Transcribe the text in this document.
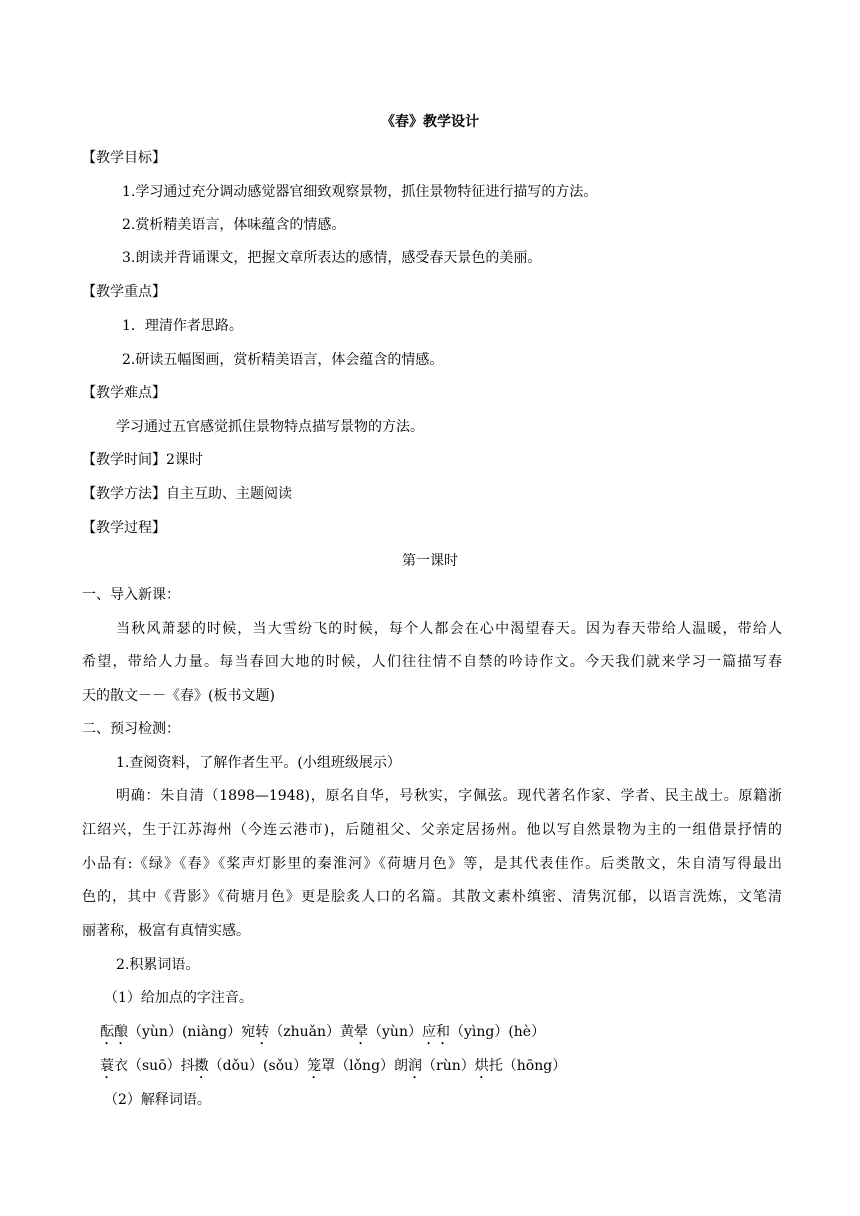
《春》教学设计
【教学目标】
1.学习通过充分调动感觉器官细致观察景物，抓住景物特征进行描写的方法。
2.赏析精美语言，体味蕴含的情感。
3.朗读并背诵课文，把握文章所表达的感情，感受春天景色的美丽。
【教学重点】
1．理清作者思路。
2.研读五幅图画，赏析精美语言，体会蕴含的情感。
【教学难点】
学习通过五官感觉抓住景物特点描写景物的方法。
【教学时间】2课时
【教学方法】自主互助、主题阅读
【教学过程】
第一课时
一、导入新课：
当秋风萧瑟的时候，当大雪纷飞的时候，每个人都会在心中渴望春天。因为春天带给人温暖，带给人
希望，带给人力量。每当春回大地的时候，人们往往情不自禁的吟诗作文。今天我们就来学习一篇描写春
天的散文－－《春》(板书文题)
二、预习检测：
1.查阅资料，了解作者生平。(小组班级展示）
明确：朱自清（1898—1948)，原名自华，号秋实，字佩弦。现代著名作家、学者、民主战士。原籍浙
江绍兴，生于江苏海州（今连云港市)，后随祖父、父亲定居扬州。他以写自然景物为主的一组借景抒情的
小品有:《绿》《春》《桨声灯影里的秦淮河》《荷塘月色》等，是其代表佳作。后类散文，朱自清写得最出
色的，其中《背影》《荷塘月色》更是脍炙人口的名篇。其散文素朴缜密、清隽沉郁，以语言洗炼，文笔清
丽著称，极富有真情实感。
2.积累词语。
（1）给加点的字注音。
酝酿（yùn）(niàng）宛转（zhuǎn）黄晕（yùn）应和（yìng）(hè）
蓑衣（suō）抖擞（dǒu）(sǒu）笼罩（lǒng）朗润（rùn）烘托（hōng）
（2）解释词语。
